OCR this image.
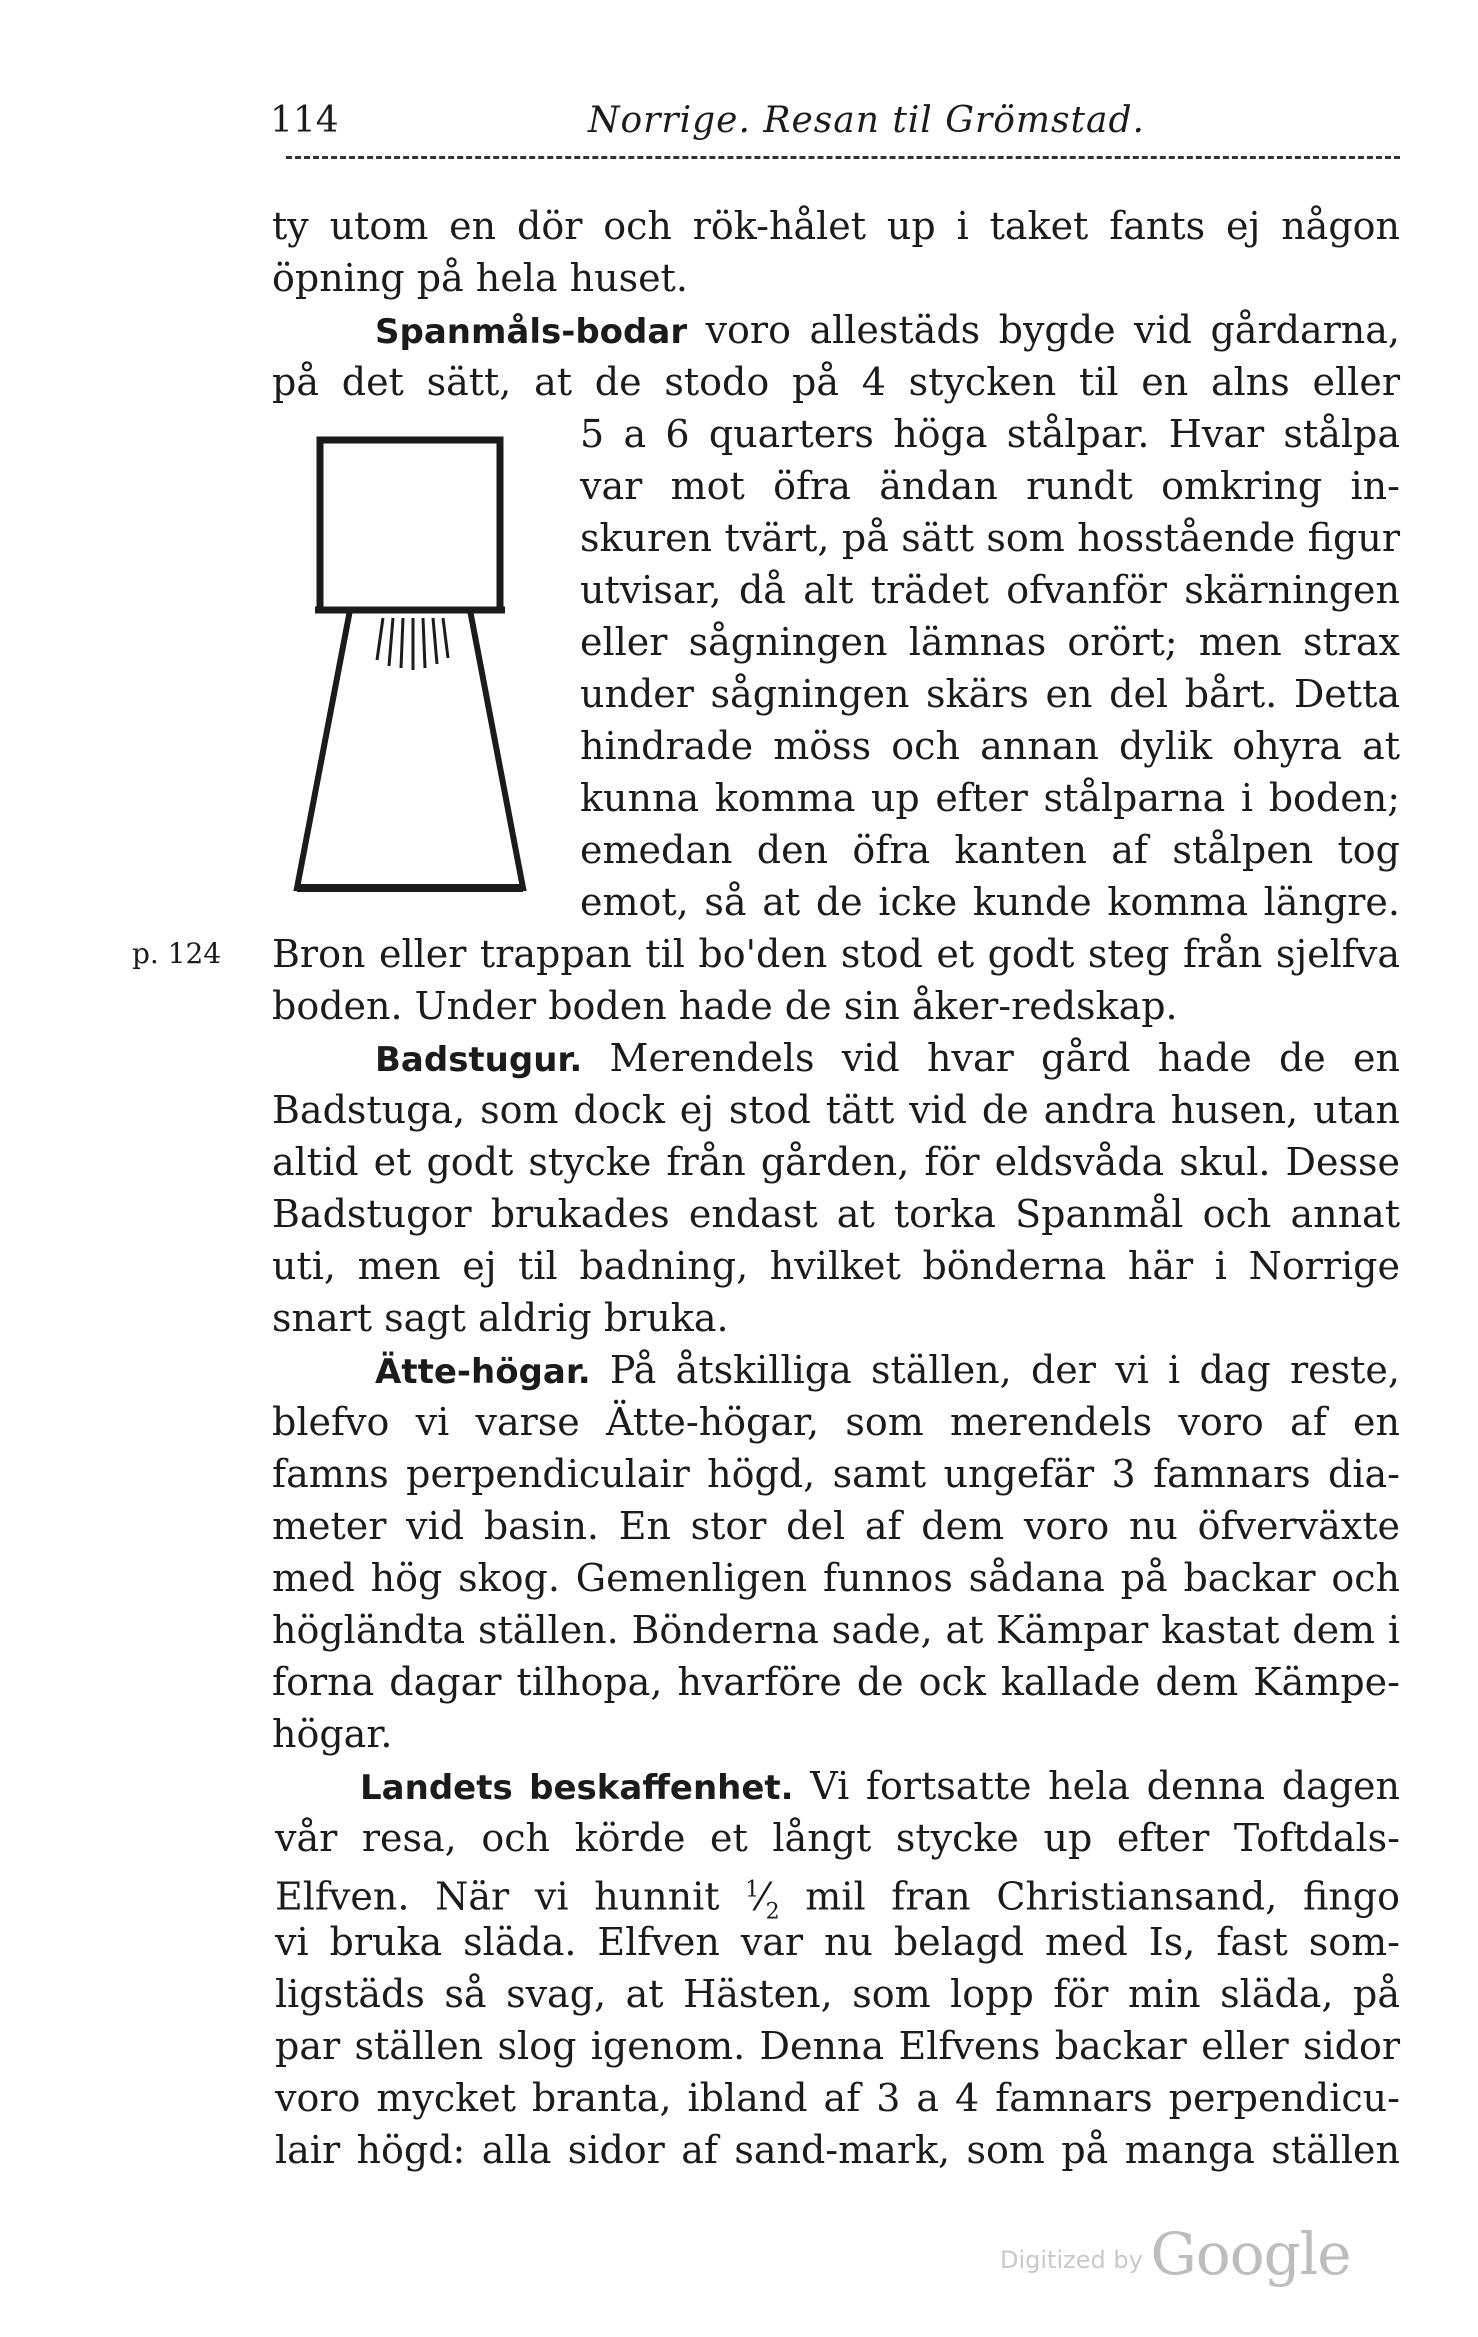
114	Norrige. Resan til Grömstad.
ty utom en dör och rök-hålet up i taket fants ej någon
öpning på hela huset.
Spanmåls-bodar voro allestäds bygde vid gårdarna,
på det sätt, at de stodo på 4 stycken til en alns eller
5 a 6 quarters höga stålpar. Hvar stålpa
var mot öfra ändan rundt omkring in-
skuren tvärt, på sätt som hosstående figur
utvisar, då alt trädet ofvanför skärningen
eller sågningen lämnas orört; men strax
under sågningen skärs en del bårt. Detta
hindrade möss och annan dylik ohyra at
kunna komma up efter stålparna i boden;
emedan den öfra kanten af stålpen tog
emot, så at de icke kunde komma längre.
p. 124 Bron eller trappan til bo'den stod et godt steg från sjelfva
boden. Under boden hade de sin åker-redskap.
Badstugur. Merendels vid hvar gård hade de en
Badstuga, som dock ej stod tätt vid de andra husen, utan
altid et godt stycke från gården, för eldsvåda skul. Desse
Badstugor brukades endast at torka Spanmål och annat
uti, men ej til badning, hvilket bönderna här i Norrige
snart sagt aldrig bruka.
Ätte-högar. På åtskilliga ställen, der vi i dag reste,
blefvo vi varse Ätte-högar, som merendels voro af en
famns perpendiculair högd, samt ungefär 3 famnars dia-
meter vid basin. En stor del af dem voro nu öfverväxte
med hög skog. Gemenligen funnos sådana på backar och
högländta ställen. Bönderna sade, at Kämpar kastat dem i
forna dagar tilhopa, hvarföre de ock kallade dem Kämpe-
högar.
Landets beskaffenhet. Vi fortsatte hela denna dagen
vår resa, och körde et långt stycke up efter Toftdals-
Elfven. När vi hunnit $^1⁄_2$ mil fran Christiansand, fingo
vi bruka släda. Elfven var nu belagd med Is, fast som-
ligstäds så svag, at Hästen, som lopp för min släda, på
par ställen slog igenom. Denna Elfvens backar eller sidor
voro mycket branta, ibland af 3 a 4 famnars perpendicu-
lair högd: alla sidor af sand-mark, som på manga ställen
Digitized by Google
